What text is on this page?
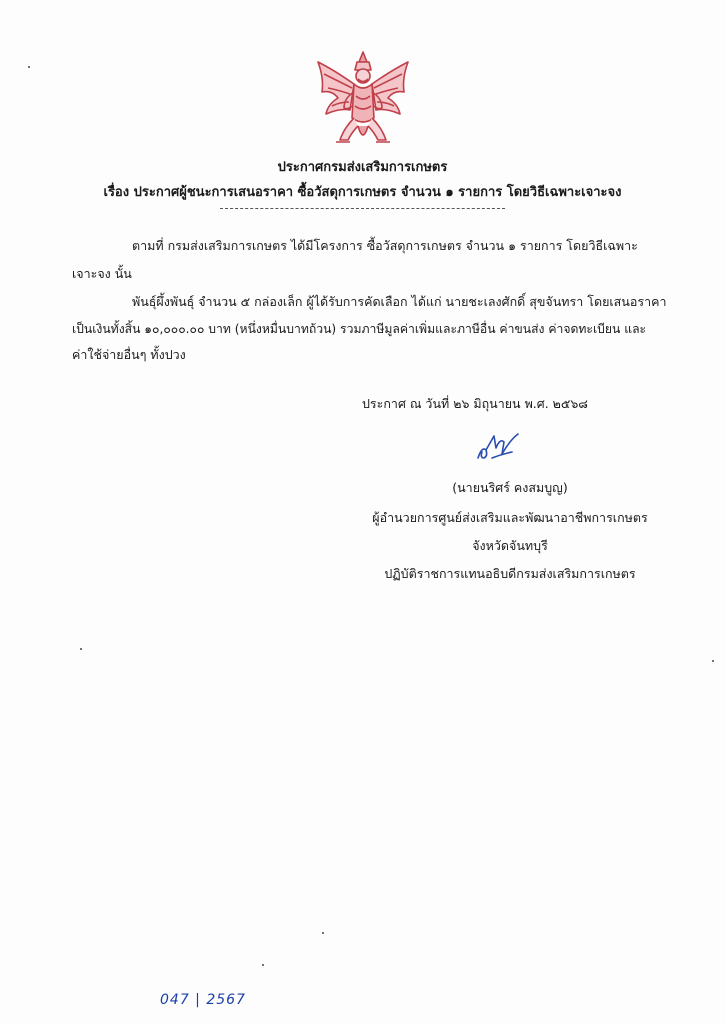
ประกาศกรมส่งเสริมการเกษตร
เรื่อง ประกาศผู้ชนะการเสนอราคา ซื้อวัสดุการเกษตร จำนวน ๑ รายการ โดยวิธีเฉพาะเจาะจง
ตามที่ กรมส่งเสริมการเกษตร ได้มีโครงการ ซื้อวัสดุการเกษตร จำนวน ๑ รายการ โดยวิธีเฉพาะ
เจาะจง นั้น
พันธุ์ผึ้งพันธุ์ จำนวน ๕ กล่องเล็ก ผู้ได้รับการคัดเลือก ได้แก่ นายชะเลงศักดิ์ สุขจันทรา โดยเสนอราคา
เป็นเงินทั้งสิ้น ๑๐,๐๐๐.๐๐ บาท (หนึ่งหมื่นบาทถ้วน) รวมภาษีมูลค่าเพิ่มและภาษีอื่น ค่าขนส่ง ค่าจดทะเบียน และ
ค่าใช้จ่ายอื่นๆ ทั้งปวง
ประกาศ ณ วันที่ ๒๖ มิถุนายน พ.ศ. ๒๕๖๘
(นายนริศร์ คงสมบูญ)
ผู้อำนวยการศูนย์ส่งเสริมและพัฒนาอาชีพการเกษตร
จังหวัดจันทบุรี
ปฏิบัติราชการแทนอธิบดีกรมส่งเสริมการเกษตร
047 | 2567
